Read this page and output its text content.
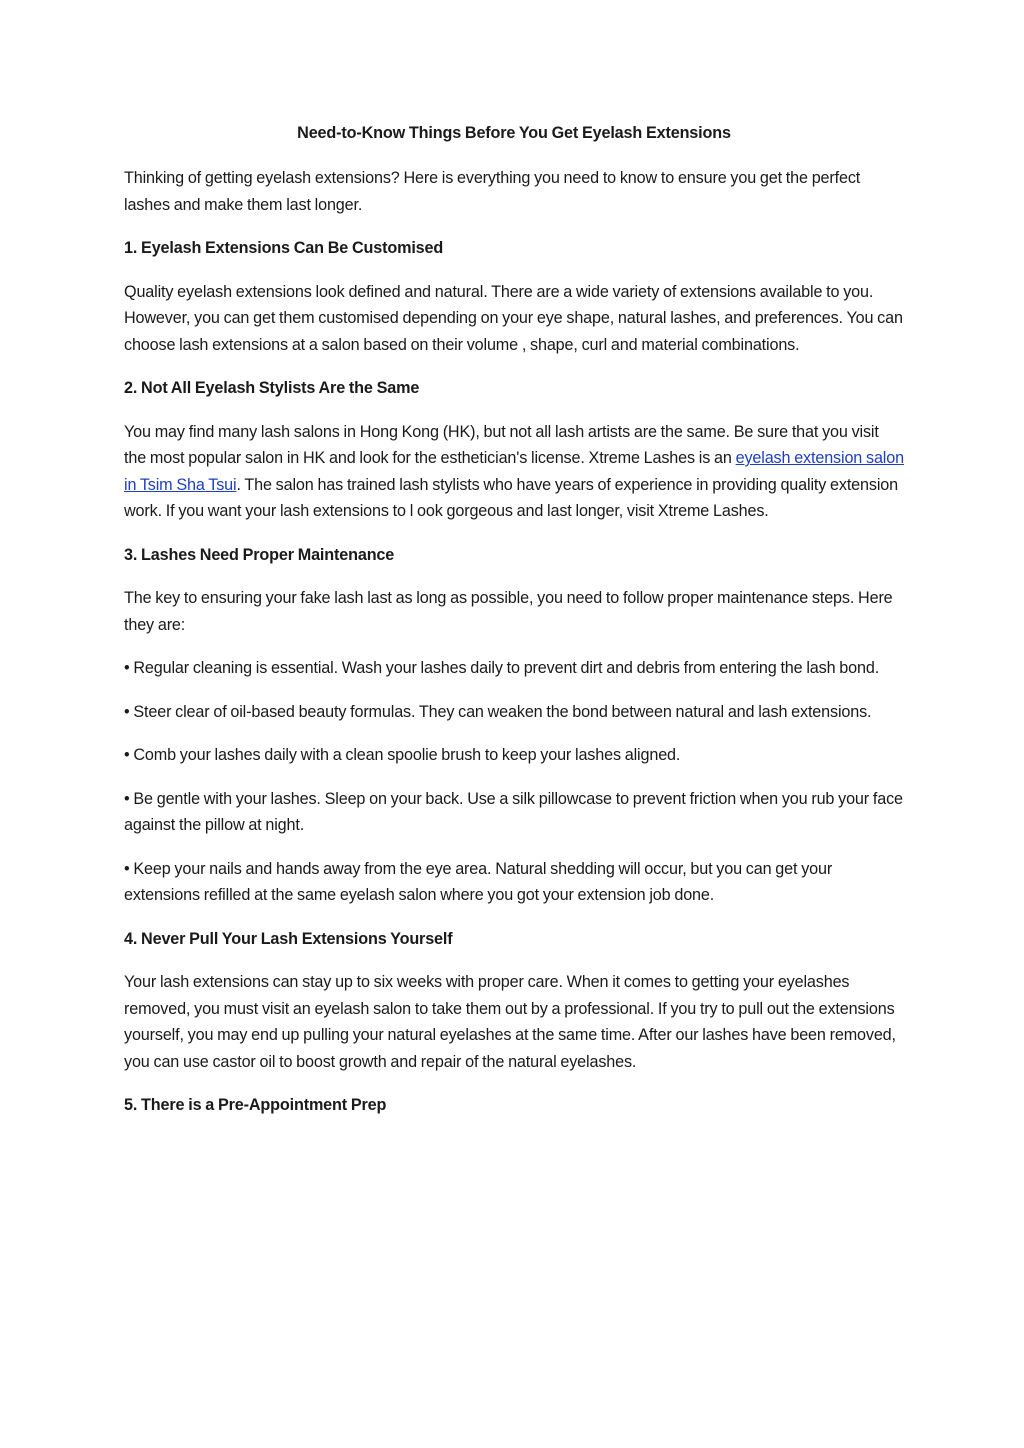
Need-to-Know Things Before You Get Eyelash Extensions
Thinking of getting eyelash extensions? Here is everything you need to know to ensure you get the perfect lashes and make them last longer.
1. Eyelash Extensions Can Be Customised
Quality eyelash extensions look defined and natural. There are a wide variety of extensions available to you. However, you can get them customised depending on your eye shape, natural lashes, and preferences. You can choose lash extensions at a salon based on their volume , shape, curl and material combinations.
2. Not All Eyelash Stylists Are the Same
You may find many lash salons in Hong Kong (HK), but not all lash artists are the same. Be sure that you visit the most popular salon in HK and look for the esthetician's license. Xtreme Lashes is an eyelash extension salon in Tsim Sha Tsui. The salon has trained lash stylists who have years of experience in providing quality extension work. If you want your lash extensions to l ook gorgeous and last longer, visit Xtreme Lashes.
3. Lashes Need Proper Maintenance
The key to ensuring your fake lash last as long as possible, you need to follow proper maintenance steps. Here they are:
• Regular cleaning is essential. Wash your lashes daily to prevent dirt and debris from entering the lash bond.
• Steer clear of oil-based beauty formulas. They can weaken the bond between natural and lash extensions.
• Comb your lashes daily with a clean spoolie brush to keep your lashes aligned.
• Be gentle with your lashes. Sleep on your back. Use a silk pillowcase to prevent friction when you rub your face against the pillow at night.
• Keep your nails and hands away from the eye area. Natural shedding will occur, but you can get your extensions refilled at the same eyelash salon where you got your extension job done.
4. Never Pull Your Lash Extensions Yourself
Your lash extensions can stay up to six weeks with proper care. When it comes to getting your eyelashes removed, you must visit an eyelash salon to take them out by a professional. If you try to pull out the extensions yourself, you may end up pulling your natural eyelashes at the same time. After our lashes have been removed, you can use castor oil to boost growth and repair of the natural eyelashes.
5. There is a Pre-Appointment Prep
